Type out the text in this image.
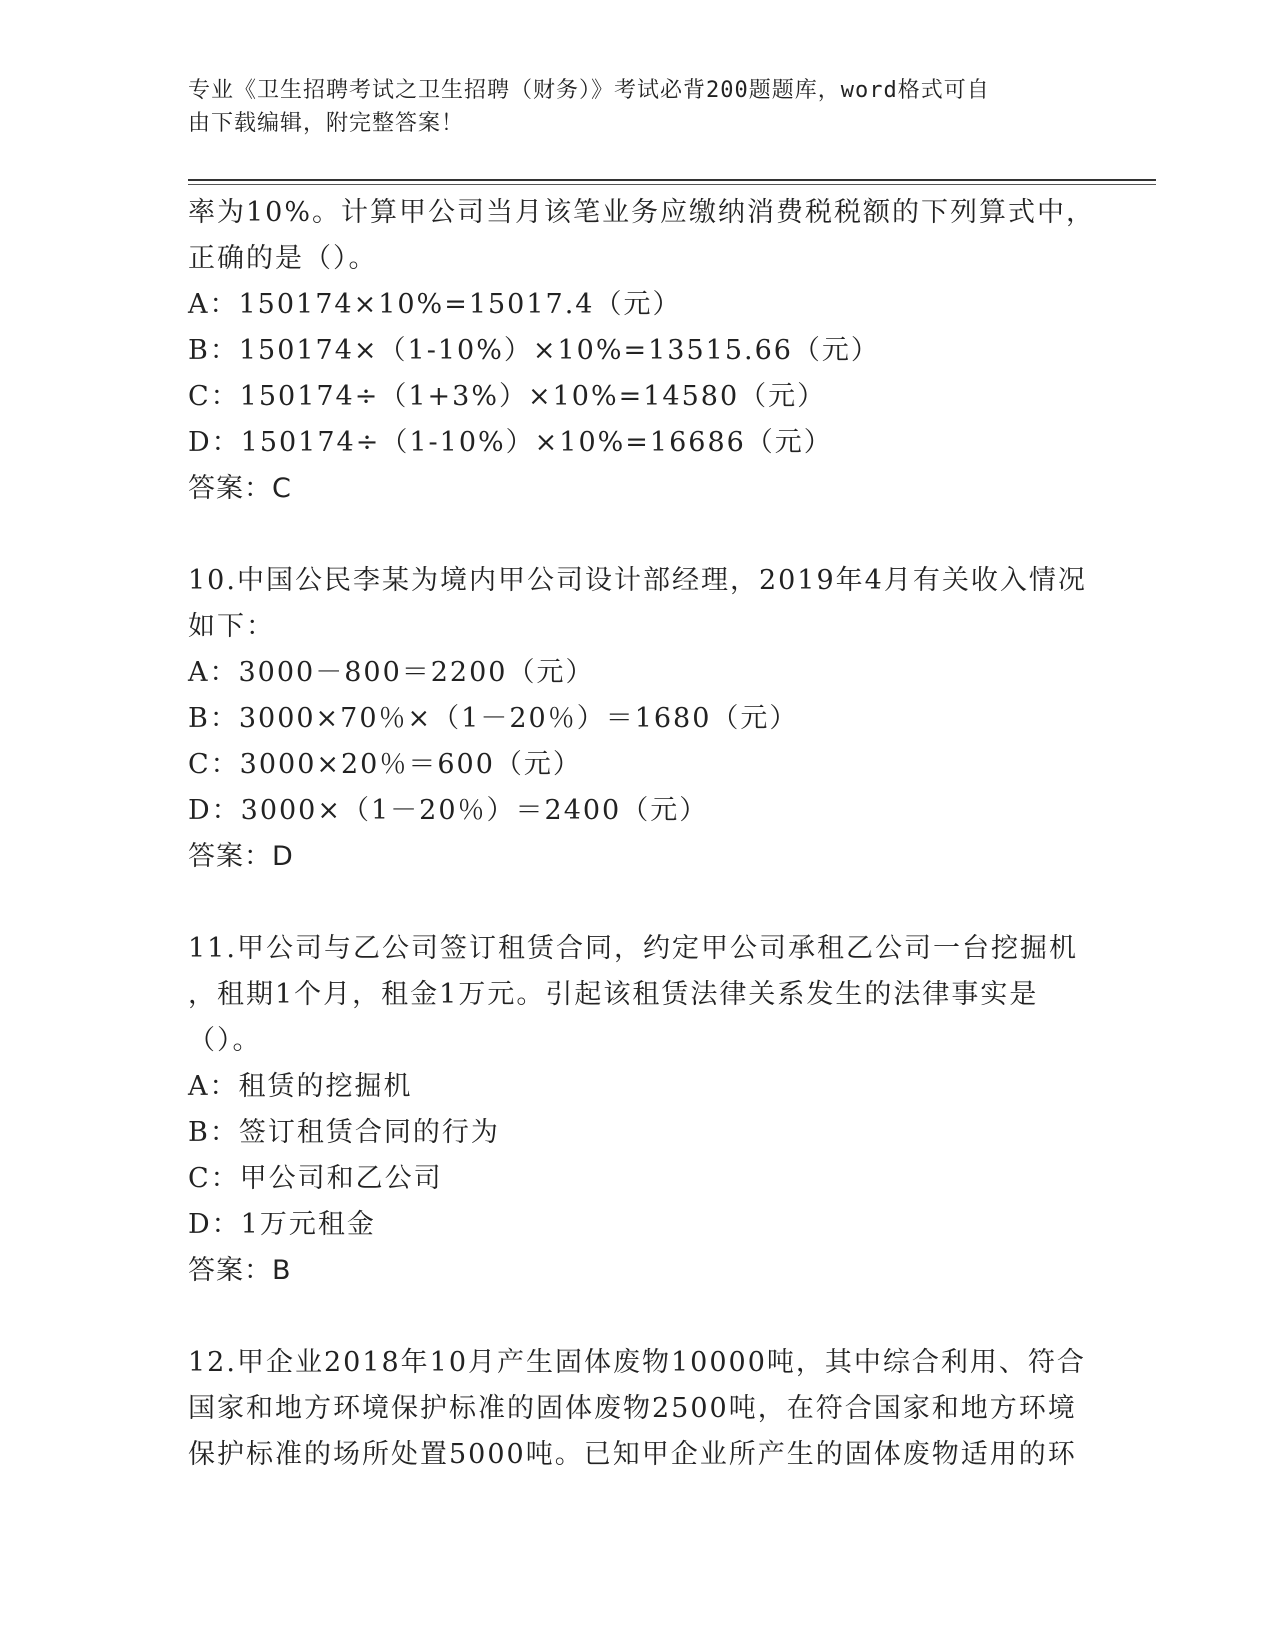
专业《卫生招聘考试之卫生招聘（财务）》考试必背200题题库，word格式可自
由下载编辑，附完整答案！
率为10%。计算甲公司当月该笔业务应缴纳消费税税额的下列算式中，
正确的是（）。
A：150174×10%=15017.4（元）
B：150174×（1-10%）×10%=13515.66（元）
C：150174÷（1+3%）×10%=14580（元）
D：150174÷（1-10%）×10%=16686（元）
答案：C
10.中国公民李某为境内甲公司设计部经理，2019年4月有关收入情况
如下：
A：3000－800＝2200（元）
B：3000×70％×（1－20％）＝1680（元）
C：3000×20％＝600（元）
D：3000×（1－20％）＝2400（元）
答案：D
11.甲公司与乙公司签订租赁合同，约定甲公司承租乙公司一台挖掘机
，租期1个月，租金1万元。引起该租赁法律关系发生的法律事实是
（）。
A：租赁的挖掘机
B：签订租赁合同的行为
C：甲公司和乙公司
D：1万元租金
答案：B
12.甲企业2018年10月产生固体废物10000吨，其中综合利用、符合
国家和地方环境保护标准的固体废物2500吨，在符合国家和地方环境
保护标准的场所处置5000吨。已知甲企业所产生的固体废物适用的环
